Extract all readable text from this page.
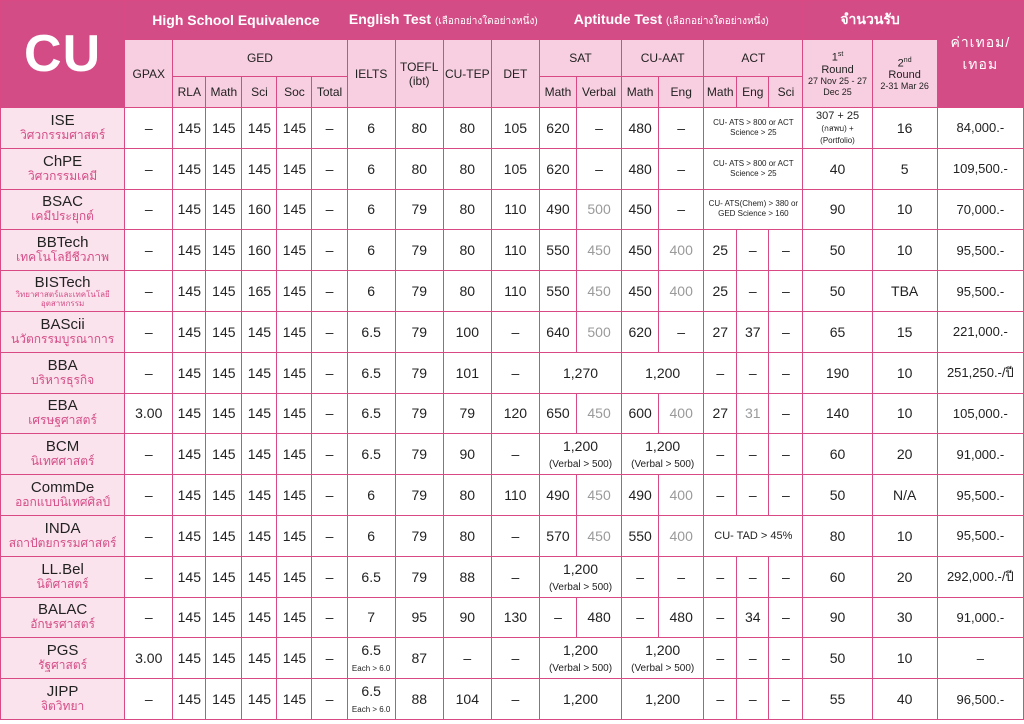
CU	High School Equivalence						English Test (เลือกอย่างใดอย่างหนึ่ง)				Aptitude Test (เลือกอย่างใดอย่างหนึ่ง)							จำนวนรับ		ค่าเทอม/ เทอม
	GPAX	GED					IELTS	TOEFL
(ibt)	CU-TEP	DET	SAT		CU-AAT		ACT			1st
Round
27 Nov 25 - 27 Dec 25	2nd
Round
2-31 Mar 26	

		RLA	Math	Sci	Soc	Total					Math	Verbal	Math	Eng	Math	Eng	Sci			

ISE
วิศวกรรมศาสตร์	–	145	145	145	145	–	6	80	80	105	620	–	480	–	CU- ATS > 800 or ACT Science > 25			307 + 25
(กสพบ) + (Portfolio)	16	84,000.-

ChPE
วิศวกรรมเคมี	–	145	145	145	145	–	6	80	80	105	620	–	480	–	CU- ATS > 800 or ACT Science > 25			40	5	109,500.-

BSAC
เคมีประยุกต์	–	145	145	160	145	–	6	79	80	110	490	500	450	–	CU- ATS(Chem) > 380 or GED Science > 160			90	10	70,000.-

BBTech
เทคโนโลยีชีวภาพ	–	145	145	160	145	–	6	79	80	110	550	450	450	400	25	–	–	50	10	95,500.-

BISTech
วิทยาศาสตร์และเทคโนโลยีอุตสาหกรรม	–	145	145	165	145	–	6	79	80	110	550	450	450	400	25	–	–	50	TBA	95,500.-

BAScii
นวัตกรรมบูรณาการ	–	145	145	145	145	–	6.5	79	100	–	640	500	620	–	27	37	–	65	15	221,000.-

BBA
บริหารธุรกิจ	–	145	145	145	145	–	6.5	79	101	–	1,270		1,200		–	–	–	190	10	251,250.-/ปี

EBA
เศรษฐศาสตร์	3.00	145	145	145	145	–	6.5	79	79	120	650	450	600	400	27	31	–	140	10	105,000.-

BCM
นิเทศศาสตร์	–	145	145	145	145	–	6.5	79	90	–	1,200
(Verbal > 500)		1,200
(Verbal > 500)		–	–	–	60	20	91,000.-

CommDe
ออกแบบนิเทศศิลป์	–	145	145	145	145	–	6	79	80	110	490	450	490	400	–	–	–	50	N/A	95,500.-

INDA
สถาปัตยกรรมศาสตร์	–	145	145	145	145	–	6	79	80	–	570	450	550	400	CU- TAD > 45%			80	10	95,500.-

LL.Bel
นิติศาสตร์	–	145	145	145	145	–	6.5	79	88	–	1,200
(Verbal > 500)		–	–	–	–	–	60	20	292,000.-/ปี

BALAC
อักษรศาสตร์	–	145	145	145	145	–	7	95	90	130	–	480	–	480	–	34	–	90	30	91,000.-

PGS
รัฐศาสตร์	3.00	145	145	145	145	–	6.5
Each > 6.0	87	–	–	1,200
(Verbal > 500)		1,200
(Verbal > 500)		–	–	–	50	10	–

JIPP
จิตวิทยา	–	145	145	145	145	–	6.5
Each > 6.0	88	104	–	1,200		1,200		–	–	–	55	40	96,500.-
